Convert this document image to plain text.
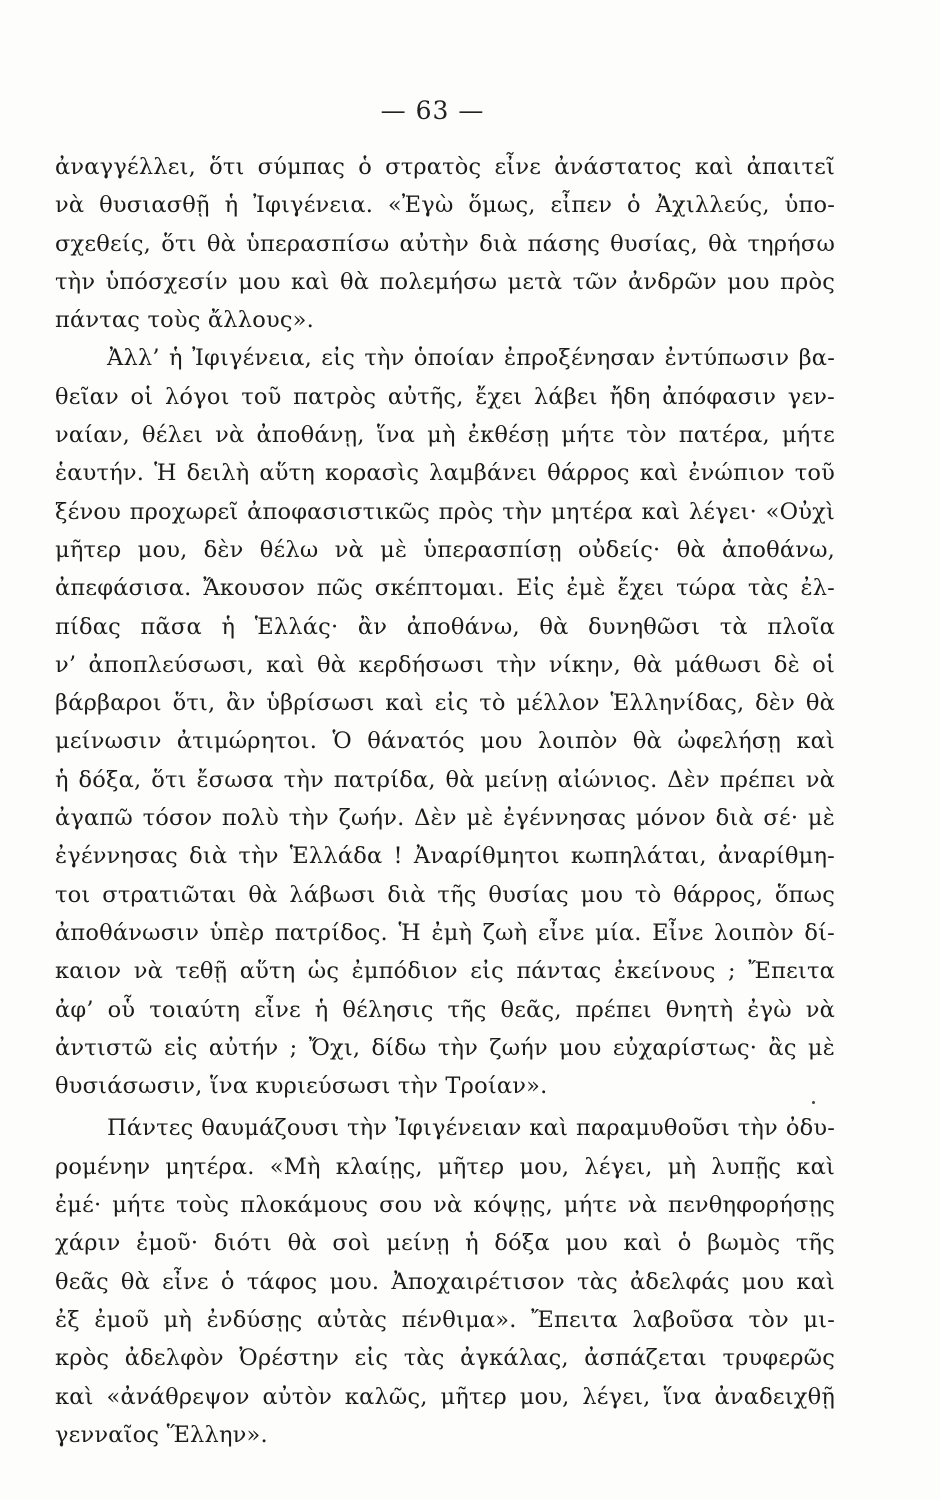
— 63 —
ἀναγγέλλει, ὅτι σύμπας ὁ στρατὸς εἶνε ἀνάστατος καὶ ἀπαιτεῖ
νὰ θυσιασθῇ ἡ Ἰφιγένεια. «Ἐγὼ ὅμως, εἶπεν ὁ Ἀχιλλεύς, ὑπο-
σχεθείς, ὅτι θὰ ὑπερασπίσω αὐτὴν διὰ πάσης θυσίας, θὰ τηρήσω
τὴν ὑπόσχεσίν μου καὶ θὰ πολεμήσω μετὰ τῶν ἀνδρῶν μου πρὸς
πάντας τοὺς ἄλλους».
Ἀλλ’ ἡ Ἰφιγένεια, εἰς τὴν ὁποίαν ἐπροξένησαν ἐντύπωσιν βα-
θεῖαν οἱ λόγοι τοῦ πατρὸς αὐτῆς, ἔχει λάβει ἤδη ἀπόφασιν γεν-
ναίαν, θέλει νὰ ἀποθάνῃ, ἵνα μὴ ἐκθέσῃ μήτε τὸν πατέρα, μήτε
ἑαυτήν. Ἡ δειλὴ αὕτη κορασὶς λαμβάνει θάρρος καὶ ἐνώπιον τοῦ
ξένου προχωρεῖ ἀποφασιστικῶς πρὸς τὴν μητέρα καὶ λέγει· «Οὐχὶ
μῆτερ μου, δὲν θέλω νὰ μὲ ὑπερασπίσῃ οὐδείς· θὰ ἀποθάνω,
ἀπεφάσισα. Ἄκουσον πῶς σκέπτομαι. Εἰς ἐμὲ ἔχει τώρα τὰς ἐλ-
πίδας πᾶσα ἡ Ἑλλάς· ἂν ἀποθάνω, θὰ δυνηθῶσι τὰ πλοῖα
ν’ ἀποπλεύσωσι, καὶ θὰ κερδήσωσι τὴν νίκην, θὰ μάθωσι δὲ οἱ
βάρβαροι ὅτι, ἂν ὑβρίσωσι καὶ εἰς τὸ μέλλον Ἑλληνίδας, δὲν θὰ
μείνωσιν ἀτιμώρητοι. Ὁ θάνατός μου λοιπὸν θὰ ὠφελήσῃ καὶ
ἡ δόξα, ὅτι ἔσωσα τὴν πατρίδα, θὰ μείνῃ αἰώνιος. Δὲν πρέπει νὰ
ἀγαπῶ τόσον πολὺ τὴν ζωήν. Δὲν μὲ ἐγέννησας μόνον διὰ σέ· μὲ
ἐγέννησας διὰ τὴν Ἑλλάδα ! Ἀναρίθμητοι κωπηλάται, ἀναρίθμη-
τοι στρατιῶται θὰ λάβωσι διὰ τῆς θυσίας μου τὸ θάρρος, ὅπως
ἀποθάνωσιν ὑπὲρ πατρίδος. Ἡ ἐμὴ ζωὴ εἶνε μία. Εἶνε λοιπὸν δί-
καιον νὰ τεθῇ αὕτη ὡς ἐμπόδιον εἰς πάντας ἐκείνους ; Ἔπειτα
ἀφ’ οὗ τοιαύτη εἶνε ἡ θέλησις τῆς θεᾶς, πρέπει θνητὴ ἐγὼ νὰ
ἀντιστῶ εἰς αὐτήν ; Ὄχι, δίδω τὴν ζωήν μου εὐχαρίστως· ἂς μὲ
θυσιάσωσιν, ἵνα κυριεύσωσι τὴν Τροίαν».
Πάντες θαυμάζουσι τὴν Ἰφιγένειαν καὶ παραμυθοῦσι τὴν ὀδυ-
ρομένην μητέρα. «Μὴ κλαίῃς, μῆτερ μου, λέγει, μὴ λυπῇς καὶ
ἐμέ· μήτε τοὺς πλοκάμους σου νὰ κόψῃς, μήτε νὰ πενθηφορήσῃς
χάριν ἐμοῦ· διότι θὰ σοὶ μείνῃ ἡ δόξα μου καὶ ὁ βωμὸς τῆς
θεᾶς θὰ εἶνε ὁ τάφος μου. Ἀποχαιρέτισον τὰς ἀδελφάς μου καὶ
ἐξ ἐμοῦ μὴ ἐνδύσῃς αὐτὰς πένθιμα». Ἔπειτα λαβοῦσα τὸν μι-
κρὸς ἀδελφὸν Ὀρέστην εἰς τὰς ἀγκάλας, ἀσπάζεται τρυφερῶς
καὶ «ἀνάθρεψον αὐτὸν καλῶς, μῆτερ μου, λέγει, ἵνα ἀναδειχθῇ
γενναῖος Ἕλλην».
